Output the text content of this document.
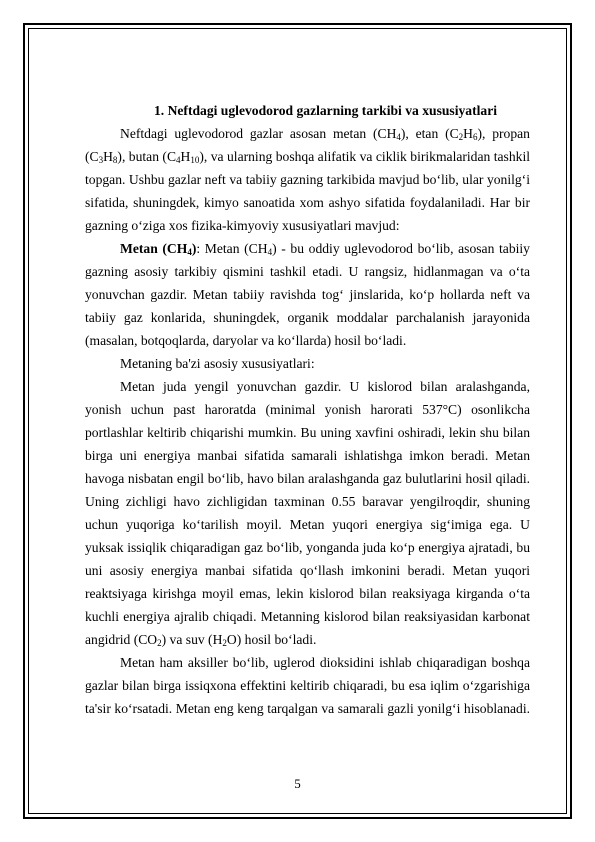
1. Neftdagi uglevodorod gazlarning tarkibi va xususiyatlari

Neftdagi uglevodorod gazlar asosan metan $(CH_4)$, etan $(C_2H_6)$, propan $(C_3H_8)$, butan $(C_4H_{10})$, va ularning boshqa alifatik va ciklik birikmalaridan tashkil topgan. Ushbu gazlar neft va tabiiy gazning tarkibida mavjud bo‘lib, ular yonilg‘i sifatida, shuningdek, kimyo sanoatida xom ashyo sifatida foydalaniladi. Har bir gazning o‘ziga xos fizika-kimyoviy xususiyatlari mavjud:

Metan $(CH_4)$: Metan $(CH_4)$ - bu oddiy uglevodorod bo‘lib, asosan tabiiy gazning asosiy tarkibiy qismini tashkil etadi. U rangsiz, hidlanmagan va o‘ta yonuvchan gazdir. Metan tabiiy ravishda tog‘ jinslarida, ko‘p hollarda neft va tabiiy gaz konlarida, shuningdek, organik moddalar parchalanish jarayonida (masalan, botqoqlarda, daryolar va ko‘llarda) hosil bo‘ladi.

Metaning ba'zi asosiy xususiyatlari:

Metan juda yengil yonuvchan gazdir. U kislorod bilan aralashganda, yonish uchun past haroratda (minimal yonish harorati 537°C) osonlikcha portlashlar keltirib chiqarishi mumkin. Bu uning xavfini oshiradi, lekin shu bilan birga uni energiya manbai sifatida samarali ishlatishga imkon beradi. Metan havoga nisbatan engil bo‘lib, havo bilan aralashganda gaz bulutlarini hosil qiladi. Uning zichligi havo zichligidan taxminan 0.55 baravar yengilroqdir, shuning uchun yuqoriga ko‘tarilish moyil. Metan yuqori energiya sig‘imiga ega. U yuksak issiqlik chiqaradigan gaz bo‘lib, yonganda juda ko‘p energiya ajratadi, bu uni asosiy energiya manbai sifatida qo‘llash imkonini beradi. Metan yuqori reaktsiyaga kirishga moyil emas, lekin kislorod bilan reaksiyaga kirganda o‘ta kuchli energiya ajralib chiqadi. Metanning kislorod bilan reaksiyasidan karbonat angidrid $(CO_2)$ va suv $(H_2O)$ hosil bo‘ladi.

Metan ham aksiller bo‘lib, uglerod dioksidini ishlab chiqaradigan boshqa gazlar bilan birga issiqxona effektini keltirib chiqaradi, bu esa iqlim o‘zgarishiga ta'sir ko‘rsatadi. Metan eng keng tarqalgan va samarali gazli yonilg‘i hisoblanadi.

5
